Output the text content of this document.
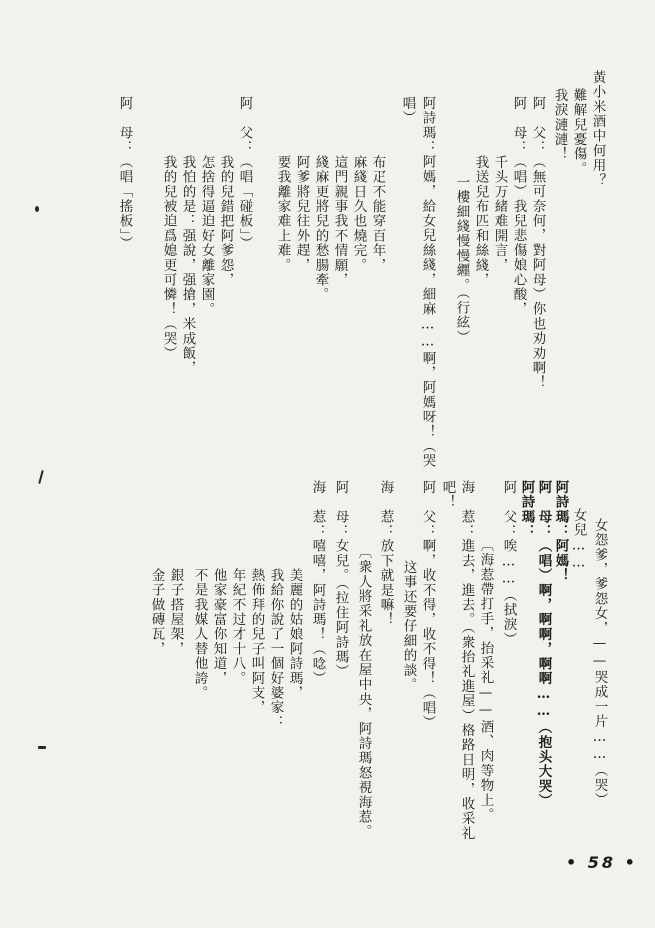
黃小米酒中何用？
難解兒憂傷。
我淚漣漣！
阿　父：（無可奈何，對阿母）你也劝劝啊！
阿　母：（唱）我兒悲傷娘心酸，
千头万緒难開言，
我送兒布匹和絲綫，
一樓細綫慢慢纒。（行絃）
阿詩瑪：阿媽，給女兒絲綫，細麻……啊，阿媽呀！（哭
唱）
布疋不能穿百年，
麻綫日久也燒完。
這門親事我不情願，
綫麻更將兒的愁腸牽。
阿爹將兒往外趕，
要我離家难上难。
阿　父：（唱「碰板」）
我的兒錯把阿爹怨，
怎捨得逼迫好女離家園。
我怕的是：强說，强搶，米成飯，
我的兒被迫爲媳更可憐！（哭）
阿　母：（唱「搖板」）
女怨爹，爹怨女，——哭成一片……（哭）
女兒……
阿詩瑪：阿媽！
阿　母：（唱）啊，啊啊，啊啊……（抱头大哭）
阿詩瑪：
阿　父：唉……（拭淚）
〔海惹帶打手，抬采礼——酒、肉等物上。
海　惹：進去，進去。（衆抬礼進屋）格路日明，收采礼
吧！
阿　父：啊，收不得，收不得！（唱）
这事还要仔細的談。
海　惹：放下就是嘛！
〔衆人將采礼放在屋中央，阿詩瑪怒視海惹。
阿　母：女兒。（拉住阿詩瑪）
海　惹：嘻嘻，阿詩瑪！（唸）
美麗的姑娘阿詩瑪，
我給你說了一個好婆家：
熱佈拜的兒子叫阿支，
年紀不过才十八。
他家豪富你知道，
不是我媒人替他誇。
銀子搭屋架，
金子做磚瓦，
• 58 •
